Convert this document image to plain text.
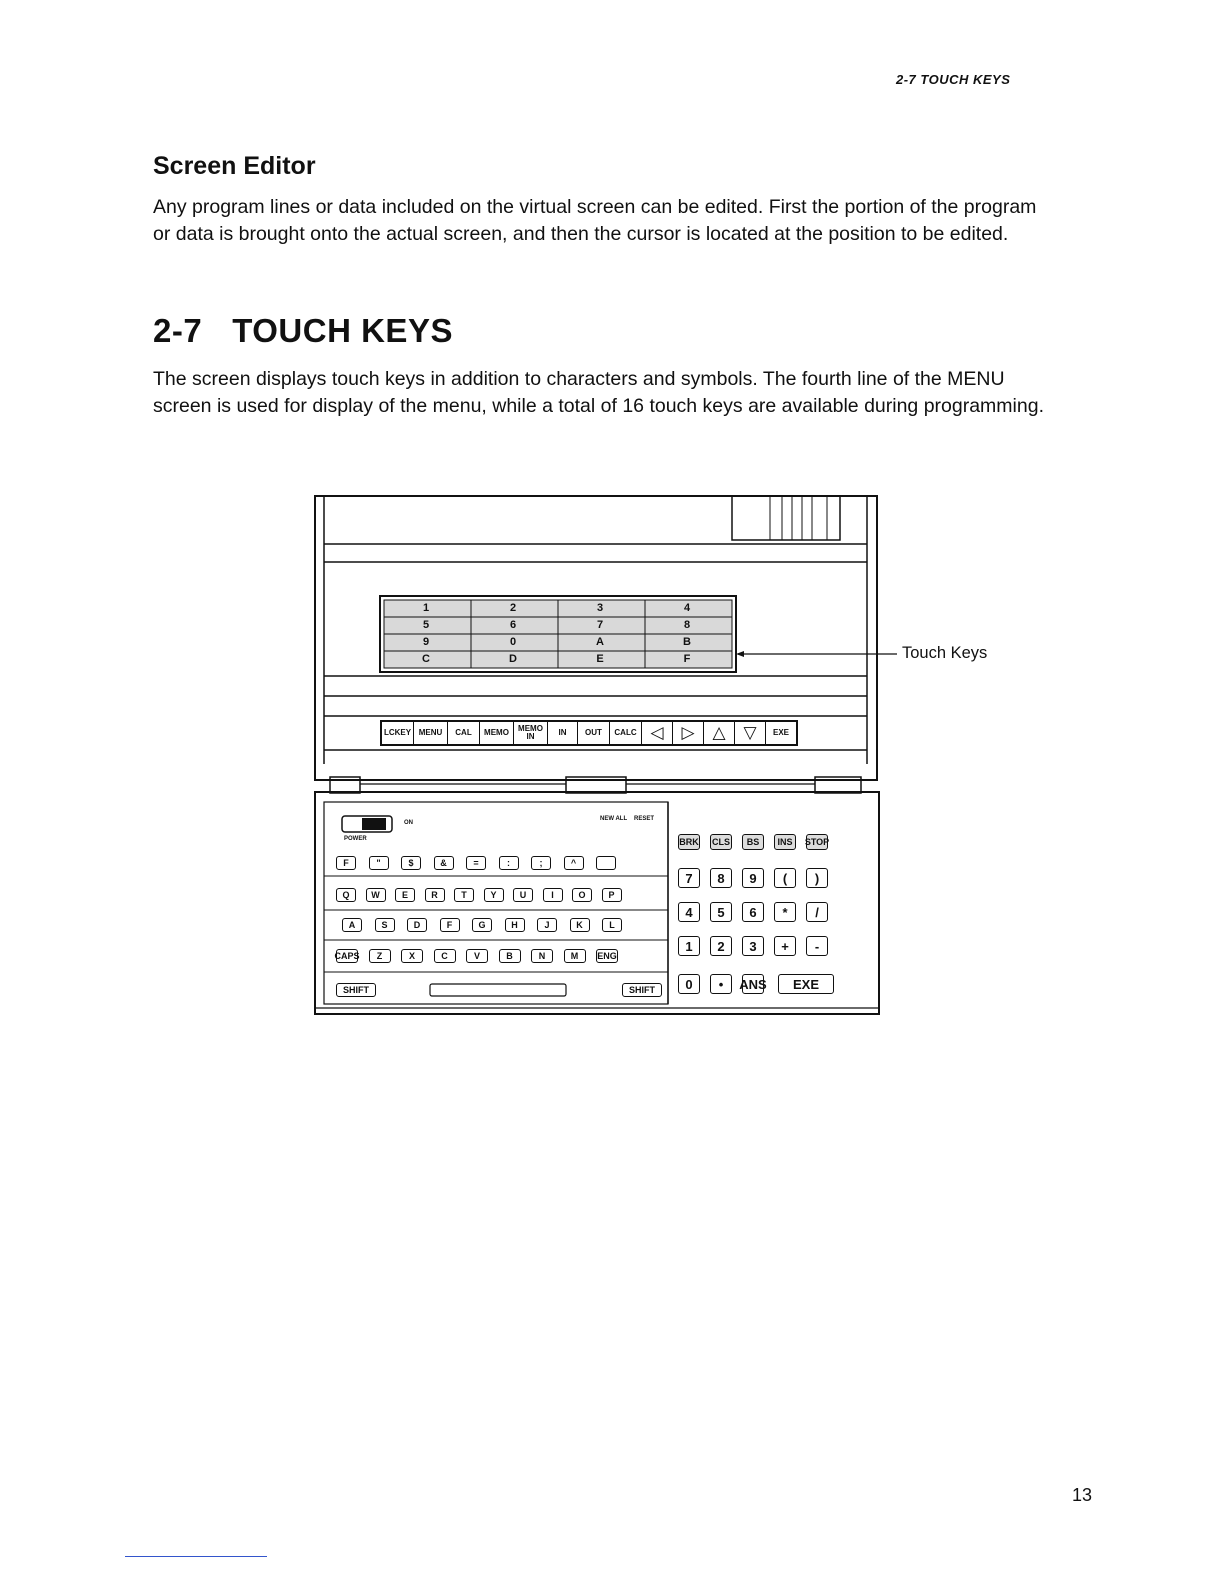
2-7 TOUCH KEYS
Screen Editor
Any program lines or data included on the virtual screen can be edited. First the portion of the program or data is brought onto the actual screen, and then the cursor is located at the position to be edited.
2-7 TOUCH KEYS
The screen displays touch keys in addition to characters and symbols. The fourth line of the MENU screen is used for display of the menu, while a total of 16 touch keys are available during programming.
1	2	3	4
5	6	7	8
9	0	A	B
C	D	E	F	Touch Keys
LCKEY MENU	CAL	MEMO	MEMO IN	IN	OUT	CALC ◁	▷	△	▽	EXE
POWER
ON
NEW ALL RESET
F	"	$	&	=	:	;	^
Q	W	E	R	T	Y	U	I	O	P
A	S	D	F	G	H	J	K	L
CAPS	Z	X	C	V	B	N	M	ENG
SHIFT	SHIFT
BRK CLS	BS	INS	STOP
7	8	9	(	)
4	5	6	*	/
1	2	3	+	-
0	•	ANS	EXE
13
